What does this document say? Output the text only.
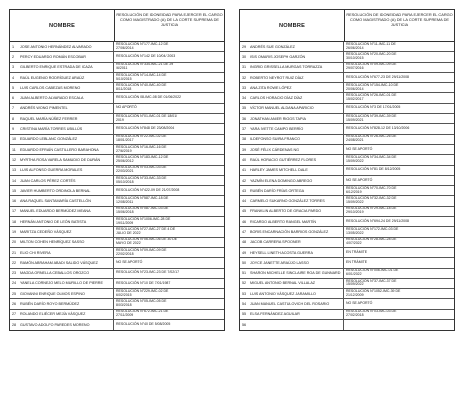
NOMBRE
RESOLUCIÓN DE IDONEIDAD PARA EJERCER EL CARGO COMO MAGISTRADO (A) DE LA CORTE SUPREMA DE JUSTICIA
1	JOSE ANTONIO HERNÁNDEZ ALVARADO
RESOLUCIÓN N°177-IMC-12 DE
27/06/2014
2	PERCY EDUARDO ROMÁN ESCOBAR	RESOLUCIÓN N°142 DE 10/04/ 2003
3	GILBERTO ENRIQUE ESTRADA DE ICAZA
RESOLUCIÓN N°334-IMC-21 DE 29
/6/2011
4	RAÚL EUGENIO RODRÍGUEZ ARAÚZ
RESOLUCIÓN N°14-IMC-14 DE
5/10/2015
5	LUIS CARLOS CABEZAS MORENO
RESOLUCIÓN N°40-IMC-40 DE
8/11/2018
6	JUAN ALBERTO ALVARADO ESCALA	RESOLUCIÓN 08-IMC-08 DE 01/06/2022
7	ANDRÉS WONG PIMENTEL	NO APORTÓ
8	RAQUEL MARÍA NÚÑEZ FERRER
RESOLUCIÓN N°01-IMC-01 DE 18/01/
2019
9	CRISTINA MARÍA TORRES UBILLÚS	RESOLUCIÓN N°848 DE 23/08/2004
10	EDUARDO LEBLANC GONZÁLEZ
RESOLUCIÓN N°22-IMC-02 DE
18/01/2017
11	EDUARDO EFRAÍN CASTILLERO BARAHONA
RESOLUCIÓN N°16-IMC-16 DE
27/6/2019
12	MYRTHA ROSA VARELA SAMUDIO DE DURÁN
RESOLUCIÓN N°183-IMC-12 DE
25/06/2012
13	LUIS ALFONSO GUERRA MORALES
RESOLUCIÓN N°03-IMC-03 DE
22/03/2021
14	JUAN CARLOS PÉREZ CORTÉS
RESOLUCIÓN N°33-IMC-33 DE
05/10/2018
15	JAVIER HUMBERTO ORDINOLA BERNAL	RESOLUCIÓN N°422-09 DE 21/07/2008
16	ANA RAQUEL SANTAMARÍA CASTELLÓN
RESOLUCIÓN N°587-IMC-18 DE
12/08/2011
17	MANUEL EDUARDO BERMÚDEZ MEANA
RESOLUCIÓN N°087-IMC-03 DE
15/06/2018
18	HERNÁN ANTONIO DE LEÓN BATISTA
RESOLUCIÓN N°1006-IMC-28 DE
19/11/2009
19	MARITZA CEDEÑO VÁSQUEZ
RESOLUCIÓN N°27-IMC-27 DE 4 DE
JULIO DE 2022
20	MILTON COHEN HENRÍQUEZ SASSO
RESOLUCIÓN N°06-IMC-06 DE 30 DE
MAYO DE 2022
21	ELIO CHI RIVERA
RESOLUCIÓN N°09-IMC-09 DE
22/02/2018
22	RAMÓN ABRAHAM ABADI SALIDO VÁSQUEZ	NO SE APORTÓ
23	MAGDA ORNELLA CEBALLOS OROZCO	RESOLUCIÓN N°23-IMC-23 DE 7/02/17
24	YANELA CORNEJO MELO MURILLO DE PIERRE	RESOLUCIÓN N°10 DE 7/01/1987
25	GIOVANNI ENRIQUE OLMOS ESPINO
RESOLUCIÓN N°229-IMC-02 DE
6/02/2015
26	RUBÉN DARÍO ROYO BERMÚDEZ
RESOLUCIÓN N°05-IMC-05 DE
8/03/2018
27	ROLANDO ELIÉCER MEJÍA VÁSQUEZ
RESOLUCIÓN N°672-IMC-21 DE
27/11/2009
28	GUSTAVO ADOLFO PAREDES MORENO	RESOLUCIÓN N°40 DE 5/08/2005
NOMBRE
RESOLUCIÓN DE IDONEIDAD PARA EJERCER EL CARGO COMO MAGISTRADO (A) DE LA CORTE SUPREMA DE JUSTICIA
29	ANDRÉS SUE GONZÁLEZ
RESOLUCIÓN N°11-IMC-11 DE
26/06/2014
30	ISIS OMARIS JOSEPH GARZÓN
RESOLUCIÓN N°20-IMC-20 DE
30/10/2015
31	INGRID GRISSELLA MURGAS TORRAZZA
RESOLUCIÓN N°09-IMC-09 DE
29/07/2016
32	ROBERTO NEYROT RUIZ DÍAZ	RESOLUCIÓN N°677-23 DE 29/11/2008
33	ANA ZITA ROWE LÓPEZ
RESOLUCIÓN N°154-IMC-10 DE
20/06/2014
34	CARLOS HORACIO DÍAZ DÍAZ
RESOLUCIÓN N°26-IMC-01 DE
15/02/2017
35	VÍCTOR MANUEL ALDANA APARICIO	RESOLUCIÓN N°3 DE 17/01/2005
36	JONATHAN ANIER RIGGS TAPIA
RESOLUCIÓN N°39-IMC-39 DE
15/09/2021
37	YARA IVETTE CAMPO BERRÍO	RESOLUCIÓN N°828-12 DE 13/10/2006
38	ILDEFONSO SUIRA FRANCO
RESOLUCIÓN N°26-IMC-26 DE
24/08/2021
39	JOSÉ FÉLIX CÁRDENAS NG	NO SE APORTÓ
40	RAÚL HORACIO GUTIÉRREZ FLORES
RESOLUCIÓN N°34-IMC-34 DE
15/09/2022
41	HARLEY JAMES MITCHELL DALE	RESOLUCIÓN N°81 DE 8/12/2005
42	YAZMÍN ELENA DOMINGO ABREGO	NO SE APORTÓ
43	RUBÉN DARÍO FRÍAS ORTEGA
RESOLUCIÓN N°70-IMC-70 DE
6/12/2019
44	CARMELO SUKARNO GONZÁLEZ TORRES
RESOLUCIÓN N°32-IMC-32 DE
15/09/2022
45	FRANKLIN ALBERTO DE GRACIA PARDO
RESOLUCIÓN N°29-IMC-18 DE
29/10/2019
46	RICARDO ALBERTO RANGEL MARTÍN	RESOLUCIÓN N°694-24 DE 29/11/2008
47	BORIS ENCARNACIÓN BARRIOS GONZÁLEZ
RESOLUCIÓN N°172-IMC-03 DE
13/05/2022
48	JACOB CARRERA SPOONER
RESOLUCIÓN N°28-IMC-28 DE
4/07/2022
49	HEYSELL LINETH ACOSTA GUERRA	EN TRÁMITE
50	JOYCE JANETTE ARAÚJO LASSO	EN TRÁMITE
51	SHARON MICHELLE SINCLAIRE ROA DE GUNNARD
RESOLUCIÓN N°006-IMC-01 DE
6/01/2022
52	MIGUEL ANTONIO BERNAL VILLALAZ
RESOLUCIÓN N°37-IMC-37 DE
15/09/2022
53	LUIS ANTONIO VÁSQUEZ JARAMILLO
RESOLUCIÓN N°1052-IMC-39 DE
21/12/2009
54	JUAN MANUEL CASTULOVICH DEL ROSARIO	NO SE APORTÓ
55	ELSA FERNÁNDEZ AGUILAR
RESOLUCIÓN N°03-IMC-03 DE
27/02/2018
56
